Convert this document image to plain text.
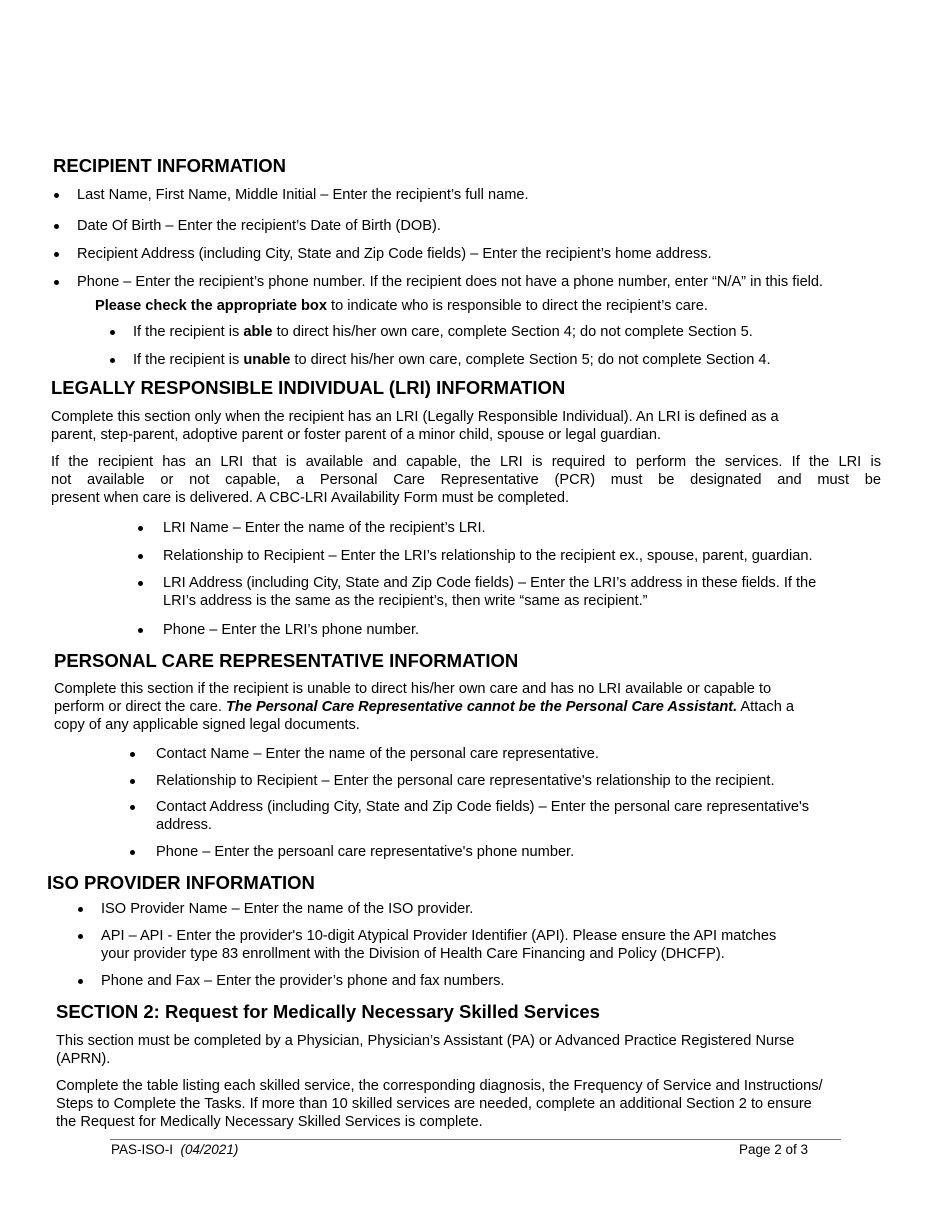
RECIPIENT INFORMATION
Last Name, First Name, Middle Initial – Enter the recipient’s full name.
Date Of Birth – Enter the recipient’s Date of Birth (DOB).
Recipient Address (including City, State and Zip Code fields) – Enter the recipient’s home address.
Phone – Enter the recipient’s phone number. If the recipient does not have a phone number, enter “N/A” in this field.
Please check the appropriate box to indicate who is responsible to direct the recipient’s care.
If the recipient is able to direct his/her own care, complete Section 4; do not complete Section 5.
If the recipient is unable to direct his/her own care, complete Section 5; do not complete Section 4.
LEGALLY RESPONSIBLE INDIVIDUAL (LRI) INFORMATION
Complete this section only when the recipient has an LRI (Legally Responsible Individual). An LRI is defined as a
parent, step-parent, adoptive parent or foster parent of a minor child, spouse or legal guardian.
If the recipient has an LRI that is available and capable, the LRI is required to perform the services. If the LRI is
not available or not capable, a Personal Care Representative (PCR) must be designated and must be
present when care is delivered. A CBC-LRI Availability Form must be completed.
LRI Name – Enter the name of the recipient’s LRI.
Relationship to Recipient – Enter the LRI’s relationship to the recipient ex., spouse, parent, guardian.
LRI Address (including City, State and Zip Code fields) – Enter the LRI’s address in these fields. If the
LRI’s address is the same as the recipient’s, then write “same as recipient.”
Phone – Enter the LRI’s phone number.
PERSONAL CARE REPRESENTATIVE INFORMATION
Complete this section if the recipient is unable to direct his/her own care and has no LRI available or capable to
perform or direct the care. The Personal Care Representative cannot be the Personal Care Assistant. Attach a
copy of any applicable signed legal documents.
Contact Name – Enter the name of the personal care representative.
Relationship to Recipient – Enter the personal care representative's relationship to the recipient.
Contact Address (including City, State and Zip Code fields) – Enter the personal care representative's
address.
Phone – Enter the persoanl care representative's phone number.
ISO PROVIDER INFORMATION
ISO Provider Name – Enter the name of the ISO provider.
API – API - Enter the provider's 10-digit Atypical Provider Identifier (API). Please ensure the API matches
your provider type 83 enrollment with the Division of Health Care Financing and Policy (DHCFP).
Phone and Fax – Enter the provider’s phone and fax numbers.
SECTION 2: Request for Medically Necessary Skilled Services
This section must be completed by a Physician, Physician’s Assistant (PA) or Advanced Practice Registered Nurse
(APRN).
Complete the table listing each skilled service, the corresponding diagnosis, the Frequency of Service and Instructions/
Steps to Complete the Tasks. If more than 10 skilled services are needed, complete an additional Section 2 to ensure
the Request for Medically Necessary Skilled Services is complete.
PAS-ISO-I (04/2021)	Page 2 of 3
